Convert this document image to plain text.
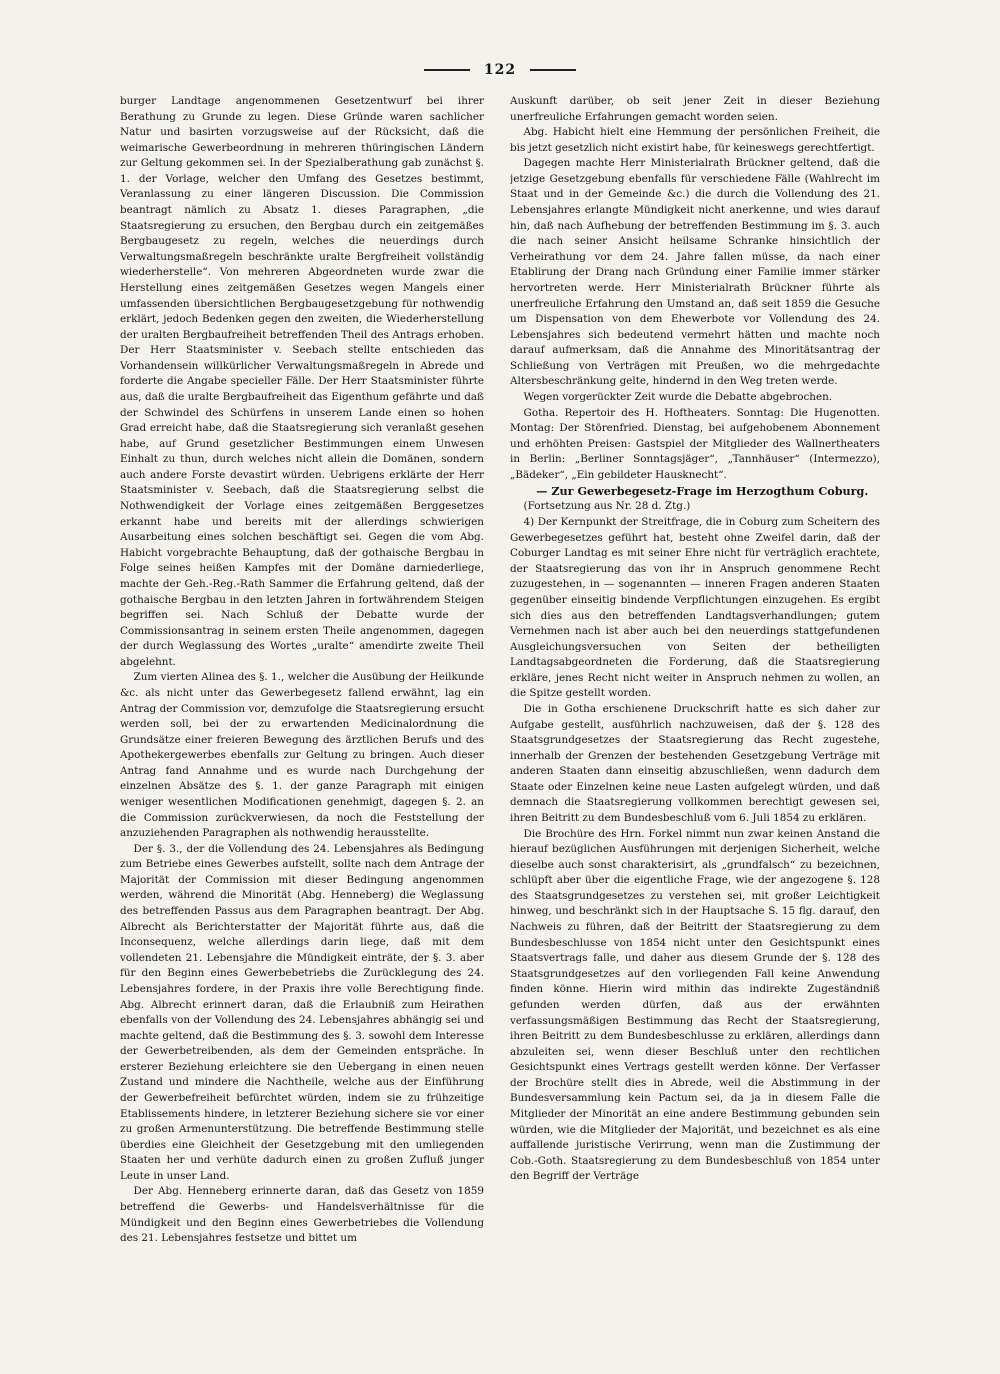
122

burger Landtage angenommenen Gesetzentwurf bei ihrer Berathung zu Grunde zu legen. Diese Gründe waren sachlicher Natur und basirten vorzugsweise auf der Rücksicht, daß die weimarische Gewerbeordnung in mehreren thüringischen Ländern zur Geltung gekommen sei. In der Spezialberathung gab zunächst §. 1. der Vorlage, welcher den Umfang des Gesetzes bestimmt, Veranlassung zu einer längeren Discussion. Die Commission beantragt nämlich zu Absatz 1. dieses Paragraphen, „die Staatsregierung zu ersuchen, den Bergbau durch ein zeitgemäßes Bergbaugesetz zu regeln, welches die neuerdings durch Verwaltungsmaßregeln beschränkte uralte Bergfreiheit vollständig wiederherstelle“. Von mehreren Abgeordneten wurde zwar die Herstellung eines zeitgemäßen Gesetzes wegen Mangels einer umfassenden übersichtlichen Bergbaugesetzgebung für nothwendig erklärt, jedoch Bedenken gegen den zweiten, die Wiederherstellung der uralten Bergbaufreiheit betreffenden Theil des Antrags erhoben. Der Herr Staatsminister v. Seebach stellte entschieden das Vorhandensein willkürlicher Verwaltungsmaßregeln in Abrede und forderte die Angabe specieller Fälle. Der Herr Staatsminister führte aus, daß die uralte Bergbaufreiheit das Eigenthum gefährte und daß der Schwindel des Schürfens in unserem Lande einen so hohen Grad erreicht habe, daß die Staatsregierung sich veranlaßt gesehen habe, auf Grund gesetzlicher Bestimmungen einem Unwesen Einhalt zu thun, durch welches nicht allein die Domänen, sondern auch andere Forste devastirt würden. Uebrigens erklärte der Herr Staatsminister v. Seebach, daß die Staatsregierung selbst die Nothwendigkeit der Vorlage eines zeitgemäßen Berggesetzes erkannt habe und bereits mit der allerdings schwierigen Ausarbeitung eines solchen beschäftigt sei. Gegen die vom Abg. Habicht vorgebrachte Behauptung, daß der gothaische Bergbau in Folge seines heißen Kampfes mit der Domäne darniederliege, machte der Geh.-Reg.-Rath Sammer die Erfahrung geltend, daß der gothaische Bergbau in den letzten Jahren in fortwährendem Steigen begriffen sei. Nach Schluß der Debatte wurde der Commissionsantrag in seinem ersten Theile angenommen, dagegen der durch Weglassung des Wortes „uralte“ amendirte zweite Theil abgelehnt.

Zum vierten Alinea des §. 1., welcher die Ausübung der Heilkunde &c. als nicht unter das Gewerbegesetz fallend erwähnt, lag ein Antrag der Commission vor, demzufolge die Staatsregierung ersucht werden soll, bei der zu erwartenden Medicinalordnung die Grundsätze einer freieren Bewegung des ärztlichen Berufs und des Apothekergewerbes ebenfalls zur Geltung zu bringen. Auch dieser Antrag fand Annahme und es wurde nach Durchgehung der einzelnen Absätze des §. 1. der ganze Paragraph mit einigen weniger wesentlichen Modificationen genehmigt, dagegen §. 2. an die Commission zurückverwiesen, da noch die Feststellung der anzuziehenden Paragraphen als nothwendig herausstellte.

Der §. 3., der die Vollendung des 24. Lebensjahres als Bedingung zum Betriebe eines Gewerbes aufstellt, sollte nach dem Antrage der Majorität der Commission mit dieser Bedingung angenommen werden, während die Minorität (Abg. Henneberg) die Weglassung des betreffenden Passus aus dem Paragraphen beantragt. Der Abg. Albrecht als Berichterstatter der Majorität führte aus, daß die Inconsequenz, welche allerdings darin liege, daß mit dem vollendeten 21. Lebensjahre die Mündigkeit einträte, der §. 3. aber für den Beginn eines Gewerbebetriebs die Zurücklegung des 24. Lebensjahres fordere, in der Praxis ihre volle Berechtigung finde. Abg. Albrecht erinnert daran, daß die Erlaubniß zum Heirathen ebenfalls von der Vollendung des 24. Lebensjahres abhängig sei und machte geltend, daß die Bestimmung des §. 3. sowohl dem Interesse der Gewerbetreibenden, als dem der Gemeinden entspräche. In ersterer Beziehung erleichtere sie den Uebergang in einen neuen Zustand und mindere die Nachtheile, welche aus der Einführung der Gewerbefreiheit befürchtet würden, indem sie zu frühzeitige Etablissements hindere, in letzterer Beziehung sichere sie vor einer zu großen Armenunterstützung. Die betreffende Bestimmung stelle überdies eine Gleichheit der Gesetzgebung mit den umliegenden Staaten her und verhüte dadurch einen zu großen Zufluß junger Leute in unser Land.

Der Abg. Henneberg erinnerte daran, daß das Gesetz von 1859 betreffend die Gewerbs- und Handelsverhältnisse für die Mündigkeit und den Beginn eines Gewerbetriebes die Vollendung des 21. Lebensjahres festsetze und bittet um

Auskunft darüber, ob seit jener Zeit in dieser Beziehung unerfreuliche Erfahrungen gemacht worden seien.

Abg. Habicht hielt eine Hemmung der persönlichen Freiheit, die bis jetzt gesetzlich nicht existirt habe, für keineswegs gerechtfertigt.

Dagegen machte Herr Ministerialrath Brückner geltend, daß die jetzige Gesetzgebung ebenfalls für verschiedene Fälle (Wahlrecht im Staat und in der Gemeinde &c.) die durch die Vollendung des 21. Lebensjahres erlangte Mündigkeit nicht anerkenne, und wies darauf hin, daß nach Aufhebung der betreffenden Bestimmung im §. 3. auch die nach seiner Ansicht heilsame Schranke hinsichtlich der Verheirathung vor dem 24. Jahre fallen müsse, da nach einer Etablirung der Drang nach Gründung einer Familie immer stärker hervortreten werde. Herr Ministerialrath Brückner führte als unerfreuliche Erfahrung den Umstand an, daß seit 1859 die Gesuche um Dispensation von dem Ehewerbote vor Vollendung des 24. Lebensjahres sich bedeutend vermehrt hätten und machte noch darauf aufmerksam, daß die Annahme des Minoritätsantrag der Schließung von Verträgen mit Preußen, wo die mehrgedachte Altersbeschränkung gelte, hindernd in den Weg treten werde.

Wegen vorgerückter Zeit wurde die Debatte abgebrochen.

Gotha. Repertoir des H. Hoftheaters. Sonntag: Die Hugenotten. Montag: Der Störenfried. Dienstag, bei aufgehobenem Abonnement und erhöhten Preisen: Gastspiel der Mitglieder des Wallnertheaters in Berlin: „Berliner Sonntagsjäger“, „Tannhäuser“ (Intermezzo), „Bädeker“, „Ein gebildeter Hausknecht“.

— Zur Gewerbegesetz-Frage im Herzogthum Coburg.

(Fortsetzung aus Nr. 28 d. Ztg.)

4) Der Kernpunkt der Streitfrage, die in Coburg zum Scheitern des Gewerbegesetzes geführt hat, besteht ohne Zweifel darin, daß der Coburger Landtag es mit seiner Ehre nicht für verträglich erachtete, der Staatsregierung das von ihr in Anspruch genommene Recht zuzugestehen, in — sogenannten — inneren Fragen anderen Staaten gegenüber einseitig bindende Verpflichtungen einzugehen. Es ergibt sich dies aus den betreffenden Landtagsverhandlungen; gutem Vernehmen nach ist aber auch bei den neuerdings stattgefundenen Ausgleichungsversuchen von Seiten der betheiligten Landtagsabgeordneten die Forderung, daß die Staatsregierung erkläre, jenes Recht nicht weiter in Anspruch nehmen zu wollen, an die Spitze gestellt worden.

Die in Gotha erschienene Druckschrift hatte es sich daher zur Aufgabe gestellt, ausführlich nachzuweisen, daß der §. 128 des Staatsgrundgesetzes der Staatsregierung das Recht zugestehe, innerhalb der Grenzen der bestehenden Gesetzgebung Verträge mit anderen Staaten dann einseitig abzuschließen, wenn dadurch dem Staate oder Einzelnen keine neue Lasten aufgelegt würden, und daß demnach die Staatsregierung vollkommen berechtigt gewesen sei, ihren Beitritt zu dem Bundesbeschluß vom 6. Juli 1854 zu erklären.

Die Brochüre des Hrn. Forkel nimmt nun zwar keinen Anstand die hierauf bezüglichen Ausführungen mit derjenigen Sicherheit, welche dieselbe auch sonst charakterisirt, als „grundfalsch“ zu bezeichnen, schlüpft aber über die eigentliche Frage, wie der angezogene §. 128 des Staatsgrundgesetzes zu verstehen sei, mit großer Leichtigkeit hinweg, und beschränkt sich in der Hauptsache S. 15 flg. darauf, den Nachweis zu führen, daß der Beitritt der Staatsregierung zu dem Bundesbeschlusse von 1854 nicht unter den Gesichtspunkt eines Staatsvertrags falle, und daher aus diesem Grunde der §. 128 des Staatsgrundgesetzes auf den vorliegenden Fall keine Anwendung finden könne. Hierin wird mithin das indirekte Zugeständniß gefunden werden dürfen, daß aus der erwähnten verfassungsmäßigen Bestimmung das Recht der Staatsregierung, ihren Beitritt zu dem Bundesbeschlusse zu erklären, allerdings dann abzuleiten sei, wenn dieser Beschluß unter den rechtlichen Gesichtspunkt eines Vertrags gestellt werden könne. Der Verfasser der Brochüre stellt dies in Abrede, weil die Abstimmung in der Bundesversammlung kein Pactum sei, da ja in diesem Falle die Mitglieder der Minorität an eine andere Bestimmung gebunden sein würden, wie die Mitglieder der Majorität, und bezeichnet es als eine auffallende juristische Verirrung, wenn man die Zustimmung der Cob.-Goth. Staatsregierung zu dem Bundesbeschluß von 1854 unter den Begriff der Verträge
